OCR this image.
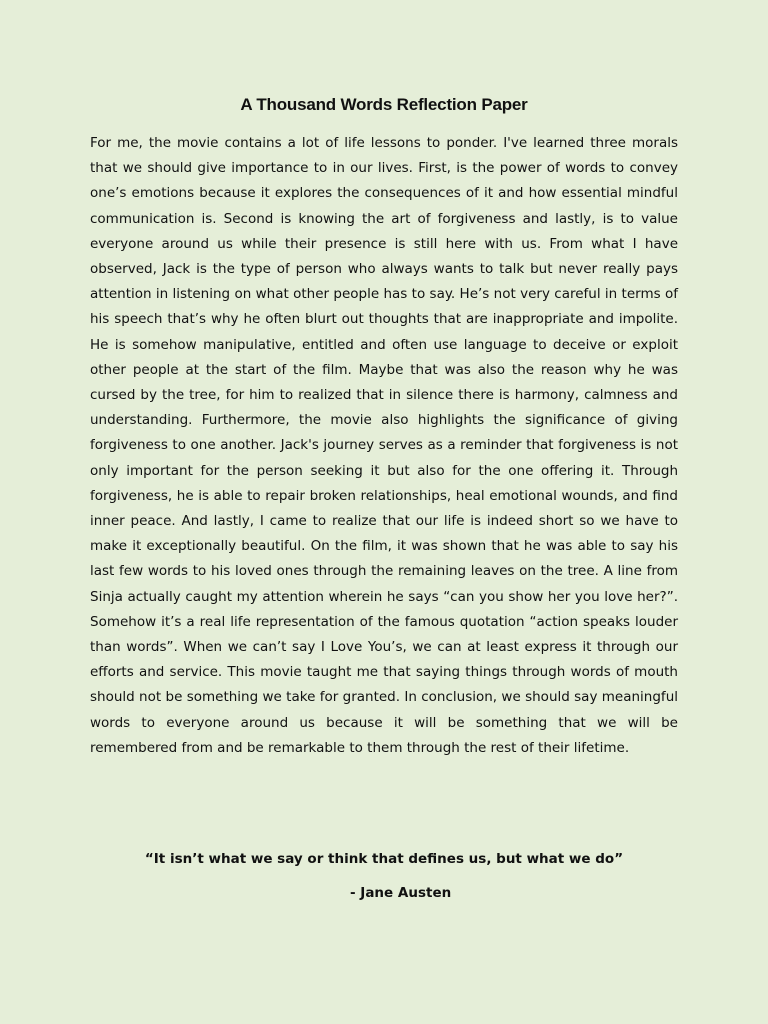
A Thousand Words Reflection Paper

For me, the movie contains a lot of life lessons to ponder. I've learned three morals that we should give importance to in our lives. First, is the power of words to convey one’s emotions because it explores the consequences of it and how essential mindful communication is. Second is knowing the art of forgiveness and lastly, is to value everyone around us while their presence is still here with us. From what I have observed, Jack is the type of person who always wants to talk but never really pays attention in listening on what other people has to say. He’s not very careful in terms of his speech that’s why he often blurt out thoughts that are inappropriate and impolite. He is somehow manipulative, entitled and often use language to deceive or exploit other people at the start of the film. Maybe that was also the reason why he was cursed by the tree, for him to realized that in silence there is harmony, calmness and understanding. Furthermore, the movie also highlights the significance of giving forgiveness to one another. Jack's journey serves as a reminder that forgiveness is not only important for the person seeking it but also for the one offering it. Through forgiveness, he is able to repair broken relationships, heal emotional wounds, and find inner peace. And lastly, I came to realize that our life is indeed short so we have to make it exceptionally beautiful. On the film, it was shown that he was able to say his last few words to his loved ones through the remaining leaves on the tree. A line from Sinja actually caught my attention wherein he says “can you show her you love her?”. Somehow it’s a real life representation of the famous quotation “action speaks louder than words”. When we can’t say I Love You’s, we can at least express it through our efforts and service. This movie taught me that saying things through words of mouth should not be something we take for granted. In conclusion, we should say meaningful words to everyone around us because it will be something that we will be remembered from and be remarkable to them through the rest of their lifetime.

“It isn’t what we say or think that defines us, but what we do”

- Jane Austen
